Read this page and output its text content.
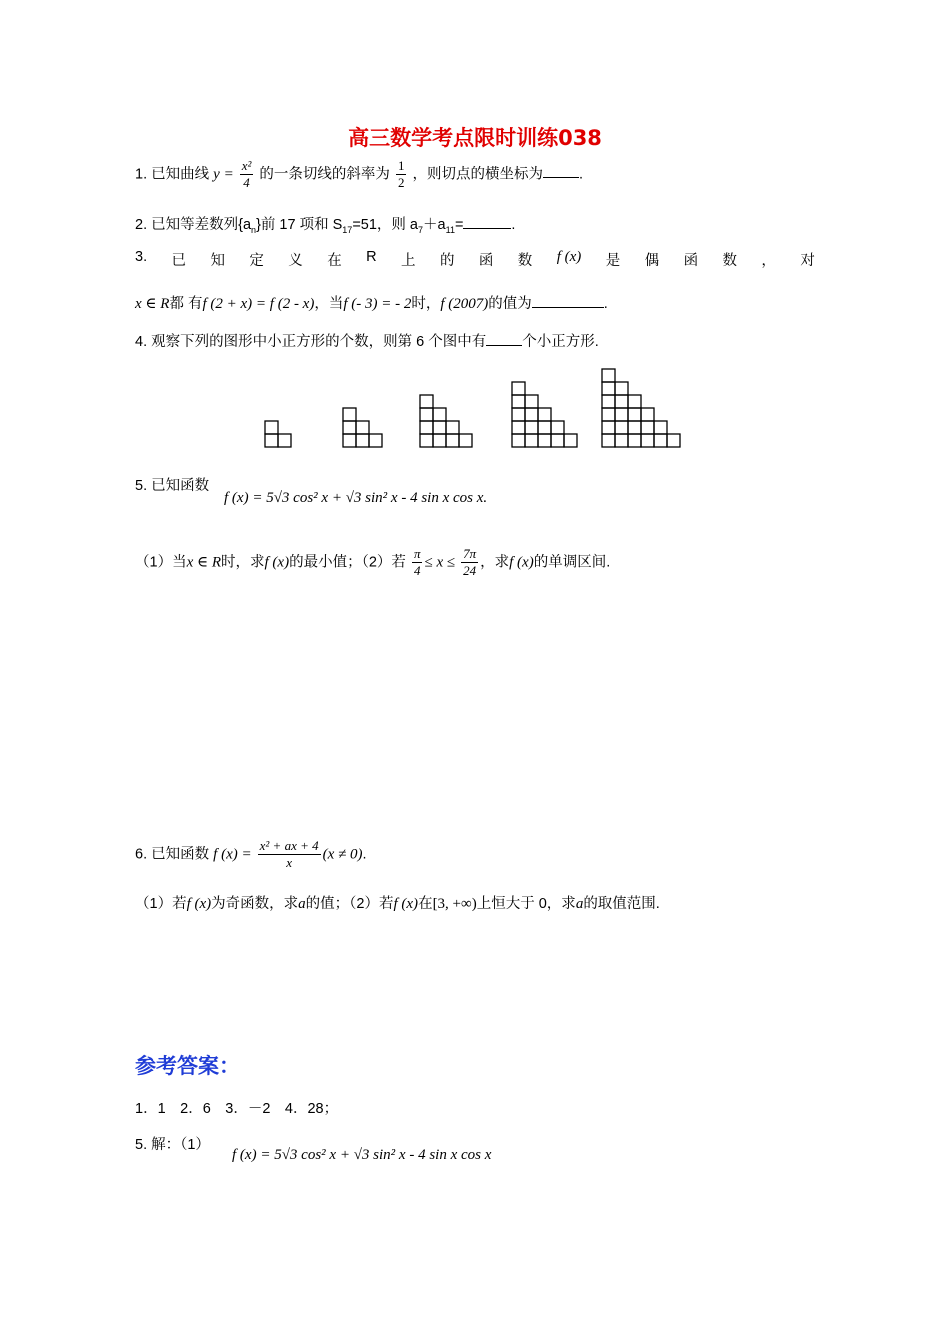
高三数学考点限时训练038
1. 已知曲线 $y = \frac{\text{x²}}{4}$ 的一条切线的斜率为 $\frac{1}{2}$ ，则切点的横坐标为 .
2. 已知等差数列$\{a_n\}$前 17 项和 $S_{17}=51$，则 $a_7+a_{11}=$	.
3. 已 知 定 义 在 R 上 的 函 数 f (x) 是 偶 函 数 ， 对
x ∈ R都 有f (2 + x) = f (2 - x)，当f (- 3) = - 2时，f (2007)的值为	.
4. 观察下列的图形中小正方形的个数，则第 6 个图中有 个小正方形.
5. 已知函数
f (x) = 5√3 cos² x + √3 sin² x - 4 sin x cos x.
（1）当x ∈ R时，求f (x)的最小值；（2）若 $\frac{\pi}{4} \le x \le \frac{7\pi}{24}$ ，求f (x)的单调区间.
6. 已知函数 f $(x) = \frac{\text{x² + ax + 4}}{x} (x \ne 0)$.
（1）若f (x)为奇函数，求a的值；（2）若f (x)在[3, +∞)上恒大于 0，求a的取值范围.
参考答案：
1．1　2．6　3．－2　4．28；
5. 解：（1）
f (x) = 5√3 cos² x + √3 sin² x - 4 sin x cos x
